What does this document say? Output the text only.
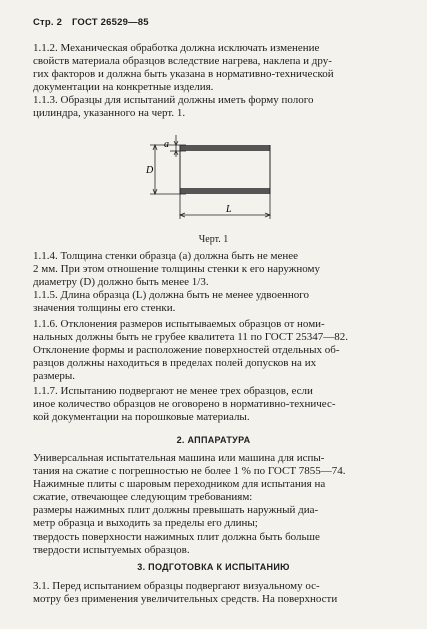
Стр. 2 ГОСТ 26529—85
1.1.2. Механическая обработка должна исключать изменение
свойств материала образцов вследствие нагрева, наклепа и дру-
гих факторов и должна быть указана в нормативно-технической
документации на конкретные изделия.
1.1.3. Образцы для испытаний должны иметь форму полого
цилиндра, указанного на черт. 1.
a
D
L
Черт. 1
1.1.4. Толщина стенки образца (a) должна быть не менее
2 мм. При этом отношение толщины стенки к его наружному
диаметру (D) должно быть менее 1/3.
1.1.5. Длина образца (L) должна быть не менее удвоенного
значения толщины его стенки.
1.1.6. Отклонения размеров испытываемых образцов от номи-
нальных должны быть не грубее квалитета 11 по ГОСТ 25347—82.
Отклонение формы и расположение поверхностей отдельных об-
разцов должны находиться в пределах полей допусков на их
размеры.
1.1.7. Испытанию подвергают не менее трех образцов, если
иное количество образцов не оговорено в нормативно-техничес-
кой документации на порошковые материалы.
2. АППАРАТУРА
Универсальная испытательная машина или машина для испы-
тания на сжатие с погрешностью не более 1 % по ГОСТ 7855—74.
Нажимные плиты с шаровым переходником для испытания на
сжатие, отвечающее следующим требованиям:
размеры нажимных плит должны превышать наружный диа-
метр образца и выходить за пределы его длины;
твердость поверхности нажимных плит должна быть больше
твердости испытуемых образцов.
3. ПОДГОТОВКА К ИСПЫТАНИЮ
3.1. Перед испытанием образцы подвергают визуальному ос-
мотру без применения увеличительных средств. На поверхности
